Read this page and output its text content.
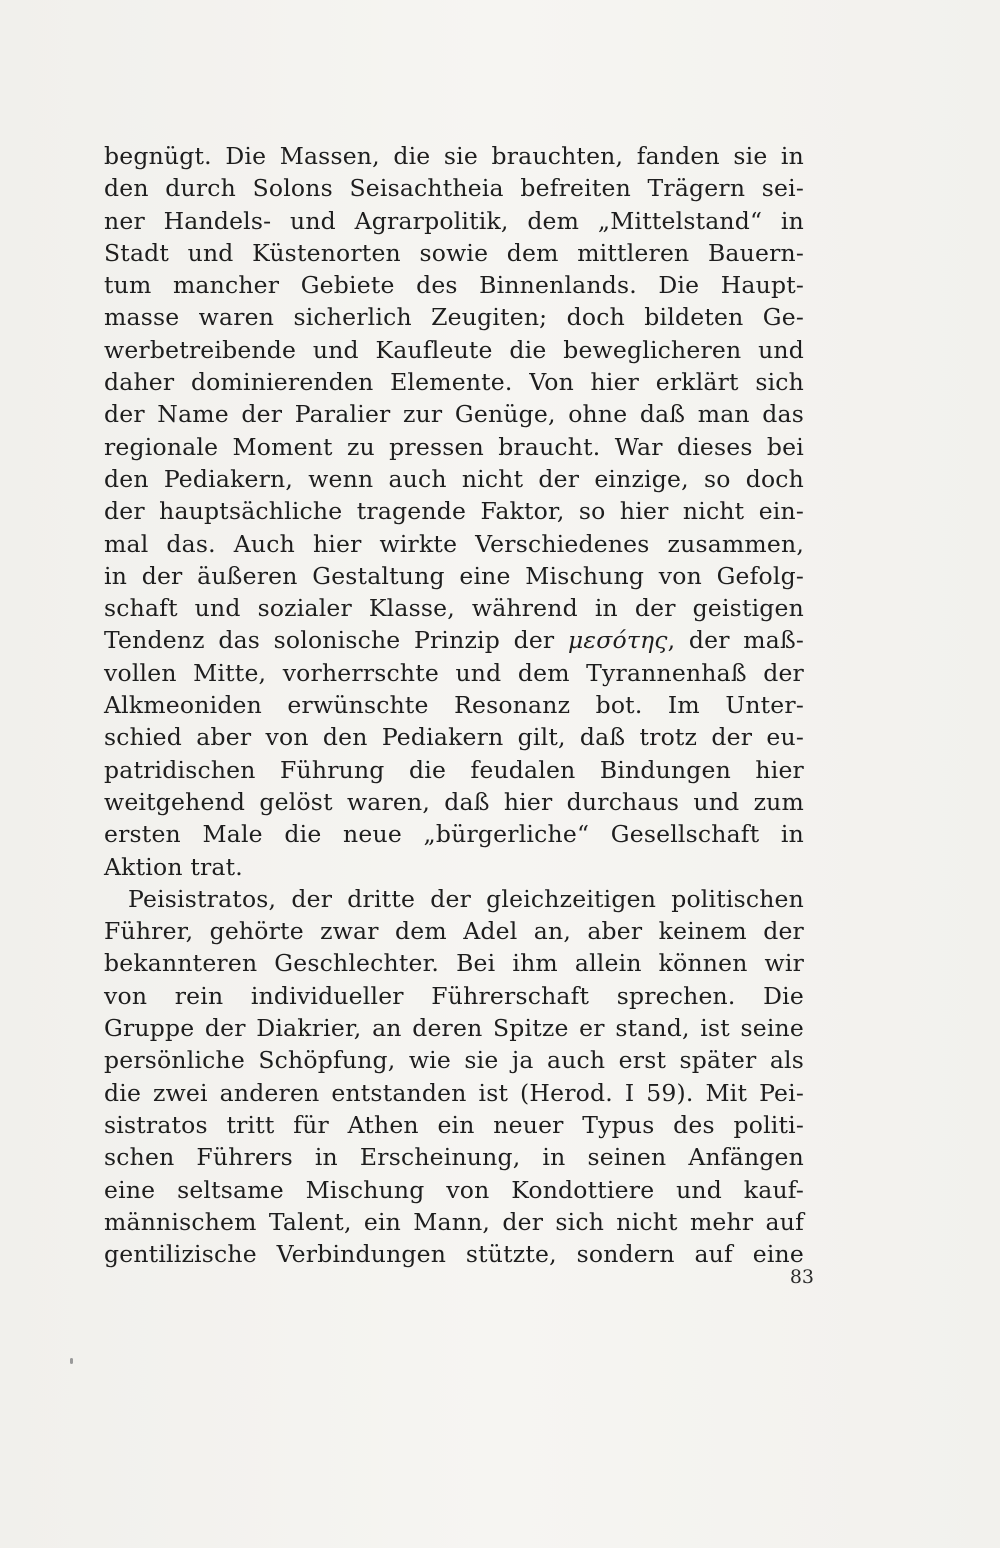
begnügt. Die Massen, die sie brauchten, fanden sie in
den durch Solons Seisachtheia befreiten Trägern sei-
ner Handels- und Agrarpolitik, dem „Mittelstand“ in
Stadt und Küstenorten sowie dem mittleren Bauern-
tum mancher Gebiete des Binnenlands. Die Haupt-
masse waren sicherlich Zeugiten; doch bildeten Ge-
werbetreibende und Kaufleute die beweglicheren und
daher dominierenden Elemente. Von hier erklärt sich
der Name der Paralier zur Genüge, ohne daß man das
regionale Moment zu pressen braucht. War dieses bei
den Pediakern, wenn auch nicht der einzige, so doch
der hauptsächliche tragende Faktor, so hier nicht ein-
mal das. Auch hier wirkte Verschiedenes zusammen,
in der äußeren Gestaltung eine Mischung von Gefolg-
schaft und sozialer Klasse, während in der geistigen
Tendenz das solonische Prinzip der μεσότης, der maß-
vollen Mitte, vorherrschte und dem Tyrannenhaß der
Alkmeoniden erwünschte Resonanz bot. Im Unter-
schied aber von den Pediakern gilt, daß trotz der eu-
patridischen Führung die feudalen Bindungen hier
weitgehend gelöst waren, daß hier durchaus und zum
ersten Male die neue „bürgerliche“ Gesellschaft in
Aktion trat.
Peisistratos, der dritte der gleichzeitigen politischen
Führer, gehörte zwar dem Adel an, aber keinem der
bekannteren Geschlechter. Bei ihm allein können wir
von rein individueller Führerschaft sprechen. Die
Gruppe der Diakrier, an deren Spitze er stand, ist seine
persönliche Schöpfung, wie sie ja auch erst später als
die zwei anderen entstanden ist (Herod. I 59). Mit Pei-
sistratos tritt für Athen ein neuer Typus des politi-
schen Führers in Erscheinung, in seinen Anfängen
eine seltsame Mischung von Kondottiere und kauf-
männischem Talent, ein Mann, der sich nicht mehr auf
gentilizische Verbindungen stützte, sondern auf eine
83
